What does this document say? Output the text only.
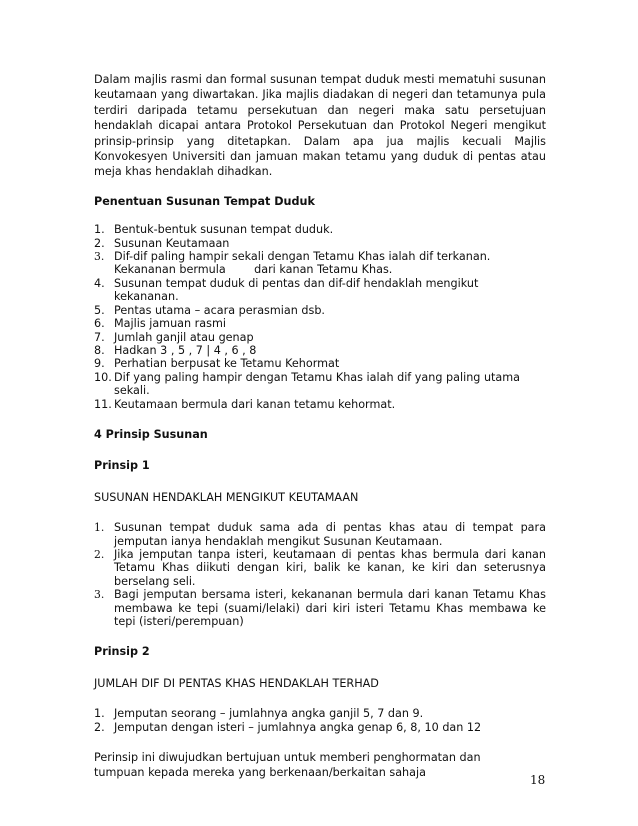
Dalam majlis rasmi dan formal susunan tempat duduk mesti mematuhi susunan keutamaan yang diwartakan. Jika majlis diadakan di negeri dan tetamunya pula terdiri daripada tetamu persekutuan dan negeri maka satu persetujuan hendaklah dicapai antara Protokol Persekutuan dan Protokol Negeri mengikut prinsip-prinsip yang ditetapkan. Dalam apa jua majlis kecuali Majlis Konvokesyen Universiti dan jamuan makan tetamu yang duduk di pentas atau meja khas hendaklah dihadkan.

Penentuan Susunan Tempat Duduk

1. Bentuk-bentuk susunan tempat duduk.
2. Susunan Keutamaan
3. Dif-dif paling hampir sekali dengan Tetamu Khas ialah dif terkanan. Kekananan bermula        dari kanan Tetamu Khas.
4. Susunan tempat duduk di pentas dan dif-dif hendaklah mengikut kekananan.
5. Pentas utama – acara perasmian dsb.
6. Majlis jamuan rasmi
7. Jumlah ganjil atau genap
8. Hadkan 3 , 5 , 7 | 4 , 6 , 8
9. Perhatian berpusat ke Tetamu Kehormat
10. Dif yang paling hampir dengan Tetamu Khas ialah dif yang paling utama sekali.
11. Keutamaan bermula dari kanan tetamu kehormat.

4 Prinsip Susunan

Prinsip 1

SUSUNAN HENDAKLAH MENGIKUT KEUTAMAAN

1. Susunan tempat duduk sama ada di pentas khas atau di tempat para jemputan ianya hendaklah mengikut Susunan Keutamaan.
2. Jika jemputan tanpa isteri, keutamaan di pentas khas bermula dari kanan Tetamu Khas diikuti dengan kiri, balik ke kanan, ke kiri dan seterusnya berselang seli.
3. Bagi jemputan bersama isteri, kekananan bermula dari kanan Tetamu Khas membawa ke tepi (suami/lelaki) dari kiri isteri Tetamu Khas membawa ke tepi (isteri/perempuan)

Prinsip 2

JUMLAH DIF DI PENTAS KHAS HENDAKLAH TERHAD

1. Jemputan seorang – jumlahnya angka ganjil 5, 7 dan 9.
2. Jemputan dengan isteri – jumlahnya angka genap 6, 8, 10 dan 12

Perinsip ini diwujudkan bertujuan untuk memberi penghormatan dan

tumpuan kepada mereka yang berkenaan/berkaitan sahaja

18
